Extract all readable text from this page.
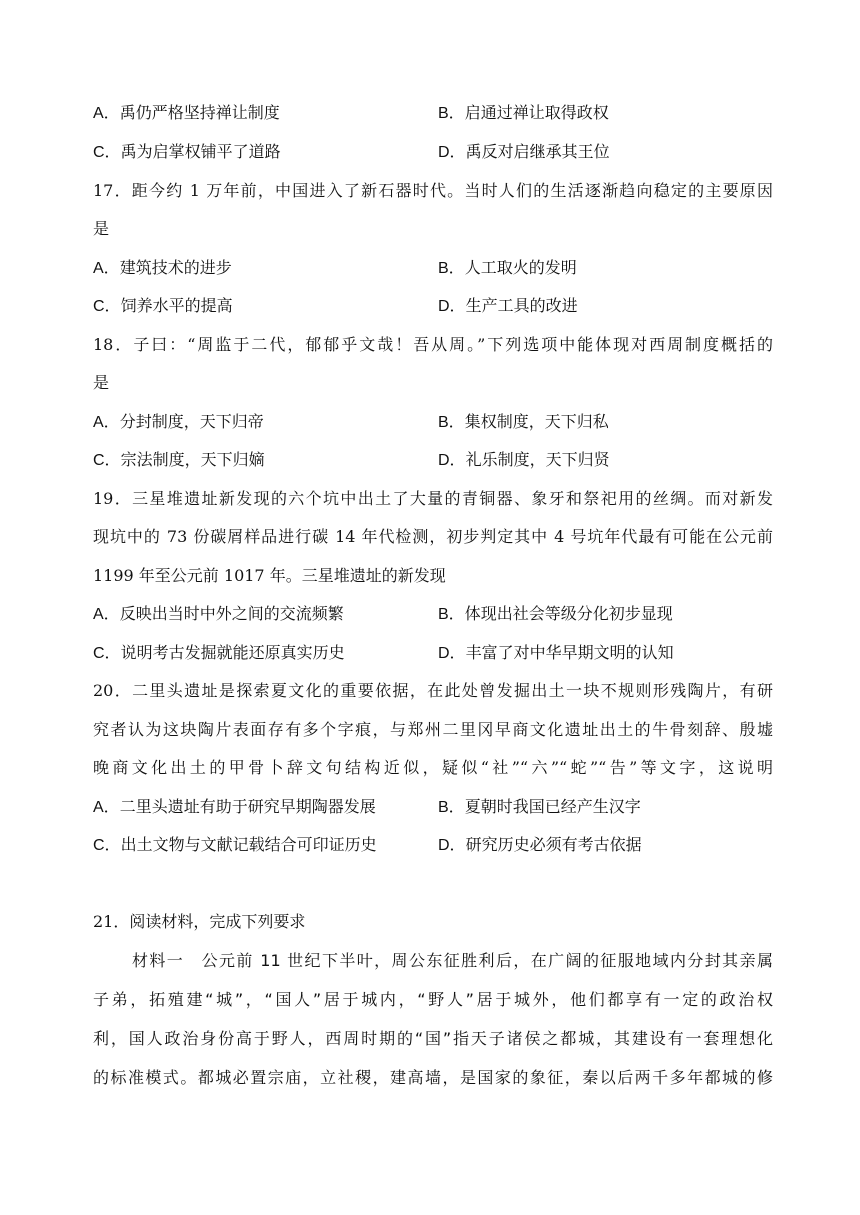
A．禹仍严格坚持禅让制度	B．启通过禅让取得政权
C．禹为启掌权铺平了道路	D．禹反对启继承其王位
17．距今约 1 万年前，中国进入了新石器时代。当时人们的生活逐渐趋向稳定的主要原因
是
A．建筑技术的进步	B．人工取火的发明
C．饲养水平的提高	D．生产工具的改进
18．子曰：“周监于二代，郁郁乎文哉！吾从周。”下列选项中能体现对西周制度概括的
是
A．分封制度，天下归帝	B．集权制度，天下归私
C．宗法制度，天下归嫡	D．礼乐制度，天下归贤
19．三星堆遗址新发现的六个坑中出土了大量的青铜器、象牙和祭祀用的丝绸。而对新发
现坑中的 73 份碳屑样品进行碳 14 年代检测，初步判定其中 4 号坑年代最有可能在公元前
1199 年至公元前 1017 年。三星堆遗址的新发现
A．反映出当时中外之间的交流频繁	B．体现出社会等级分化初步显现
C．说明考古发掘就能还原真实历史	D．丰富了对中华早期文明的认知
20．二里头遗址是探索夏文化的重要依据，在此处曾发掘出土一块不规则形残陶片，有研
究者认为这块陶片表面存有多个字痕，与郑州二里冈早商文化遗址出土的牛骨刻辞、殷墟
晚商文化出土的甲骨卜辞文句结构近似，疑似“社”“六”“蛇”“告”等文字，这说明
A．二里头遗址有助于研究早期陶器发展	B．夏朝时我国已经产生汉字
C．出土文物与文献记载结合可印证历史	D．研究历史必须有考古依据
21．阅读材料，完成下列要求
材料一　公元前 11 世纪下半叶，周公东征胜利后，在广阔的征服地域内分封其亲属
子弟，拓殖建“城”，“国人”居于城内，“野人”居于城外，他们都享有一定的政治权
利，国人政治身份高于野人，西周时期的“国”指天子诸侯之都城，其建设有一套理想化
的标准模式。都城必置宗庙，立社稷，建高墙，是国家的象征，秦以后两千多年都城的修
